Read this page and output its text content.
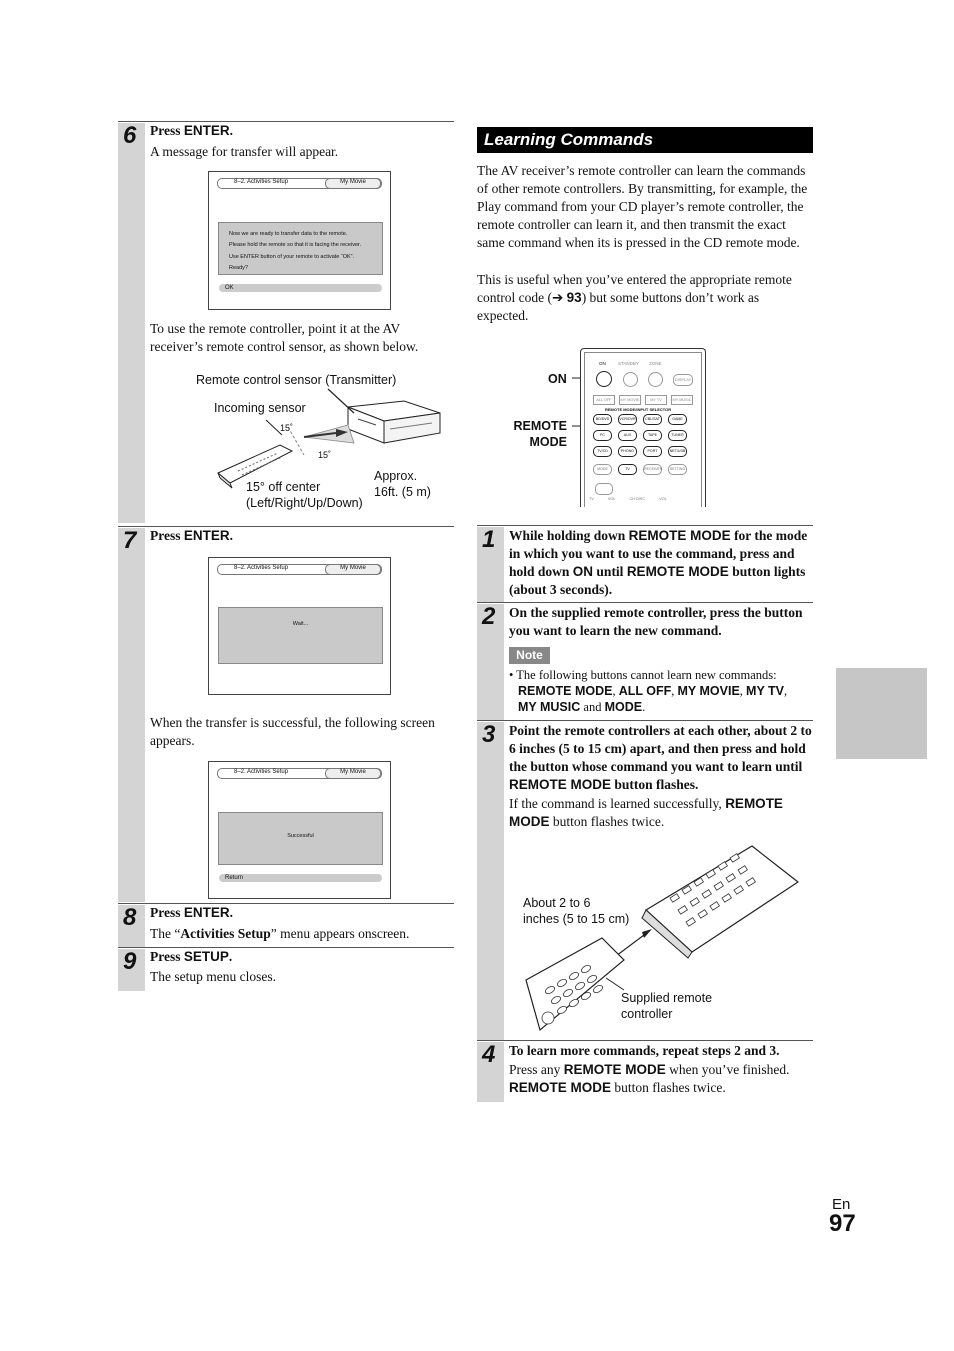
6 Press ENTER.
A message for transfer will appear.
8–2. Activities Setup	My Movie
Now we are ready to transfer data to the remote.
Please hold the remote so that it is facing the receiver.
Use ENTER button of your remote to activate “OK”.
Ready?
OK
To use the remote controller, point it at the AV receiver’s remote control sensor, as shown below.
Remote control sensor (Transmitter)
Incoming sensor
15˚
15˚
Approx.
16ft. (5 m)
15° off center
(Left/Right/Up/Down)
7 Press ENTER.
8–2. Activities Setup	My Movie
Wait...
When the transfer is successful, the following screen appears.
8–2. Activities Setup	My Movie
Successful
Return
8 Press ENTER.
The “Activities Setup” menu appears onscreen.
9 Press SETUP.
The setup menu closes.
Learning Commands
The AV receiver’s remote controller can learn the commands of other remote controllers. By transmitting, for example, the Play command from your CD player’s remote controller, the remote controller can learn it, and then transmit the exact same command when its is pressed in the CD remote mode.
This is useful when you’ve entered the appropriate remote control code (➔ 93) but some buttons don’t work as expected.
ON
REMOTE
MODE
ON	STANDBY ZONE
DISPLAY
ALL OFF	MY MOVIE	MY TV	MY MUSIC
REMOTE MODE/INPUT SELECTOR
BD/DVD	VCR/DVR	CBL/SAT	GAME
PC	AUX	TAPE	TUNER
TV/CD	PHONO	PORT	NET/USB
MODE	TV	RECEIVER	SETTING
TV	VOL	CH DISC	VOL
1 While holding down REMOTE MODE for the mode in which you want to use the command, press and hold down ON until REMOTE MODE button lights (about 3 seconds).
2 On the supplied remote controller, press the button you want to learn the new command.
Note
• The following buttons cannot learn new commands:
REMOTE MODE, ALL OFF, MY MOVIE, MY TV,
MY MUSIC and MODE.
3 Point the remote controllers at each other, about 2 to 6 inches (5 to 15 cm) apart, and then press and hold the button whose command you want to learn until REMOTE MODE button flashes.
If the command is learned successfully, REMOTE MODE button flashes twice.
About 2 to 6
inches (5 to 15 cm)
Supplied remote
controller
4 To learn more commands, repeat steps 2 and 3.
Press any REMOTE MODE when you’ve finished.
REMOTE MODE button flashes twice.
En
97
